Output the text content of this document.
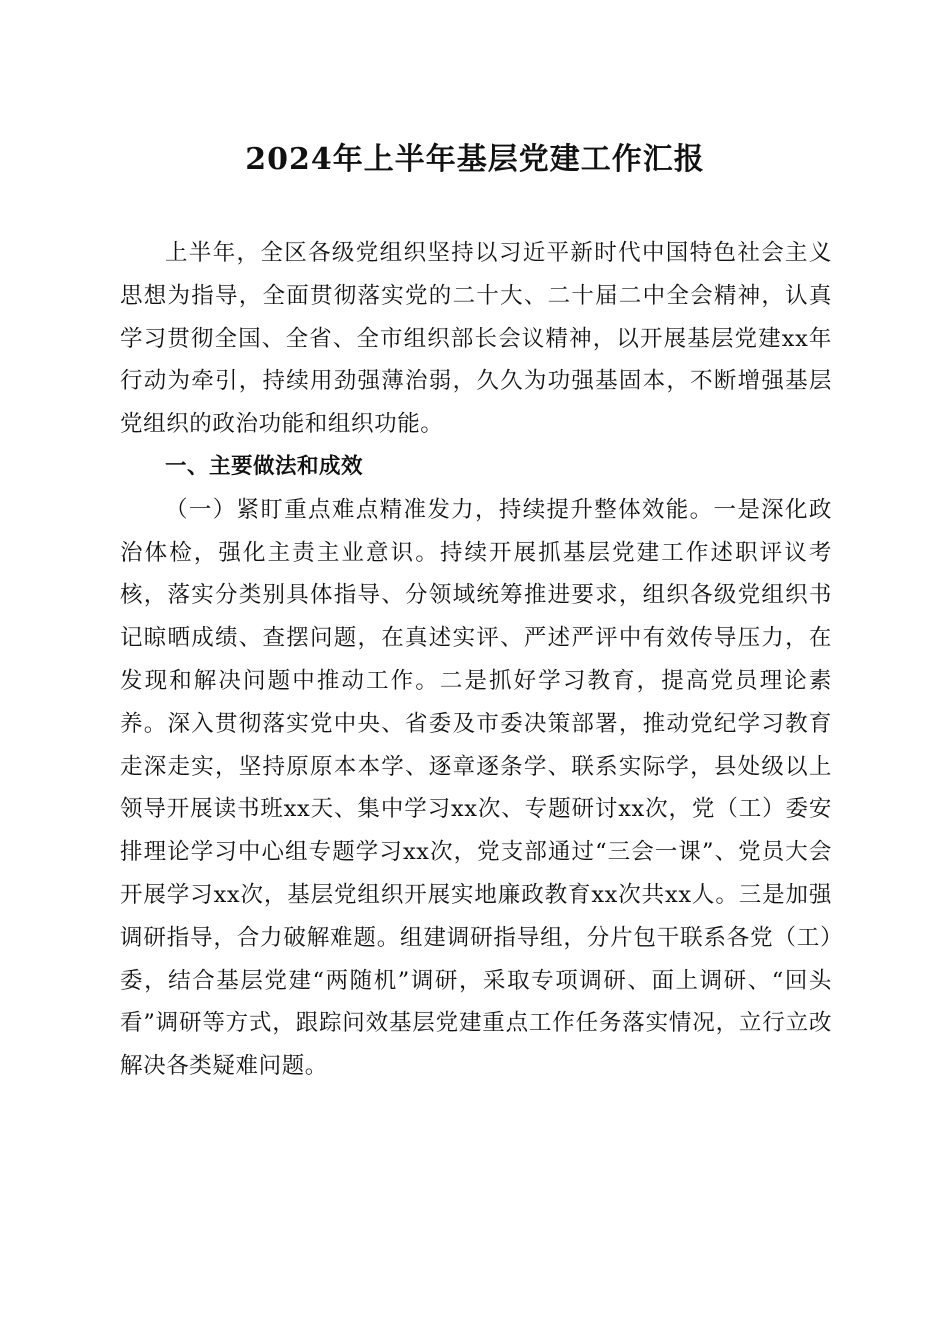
2024年上半年基层党建工作汇报

上半年，全区各级党组织坚持以习近平新时代中国特色社会主义思想为指导，全面贯彻落实党的二十大、二十届二中全会精神，认真学习贯彻全国、全省、全市组织部长会议精神，以开展基层党建xx年行动为牵引，持续用劲强薄治弱，久久为功强基固本，不断增强基层党组织的政治功能和组织功能。

一、主要做法和成效

（一）紧盯重点难点精准发力，持续提升整体效能。一是深化政治体检，强化主责主业意识。持续开展抓基层党建工作述职评议考核，落实分类别具体指导、分领域统筹推进要求，组织各级党组织书记晾晒成绩、查摆问题，在真述实评、严述严评中有效传导压力，在发现和解决问题中推动工作。二是抓好学习教育，提高党员理论素养。深入贯彻落实党中央、省委及市委决策部署，推动党纪学习教育走深走实，坚持原原本本学、逐章逐条学、联系实际学，县处级以上领导开展读书班xx天、集中学习xx次、专题研讨xx次，党（工）委安排理论学习中心组专题学习xx次，党支部通过“三会一课”、党员大会开展学习xx次，基层党组织开展实地廉政教育xx次共xx人。三是加强调研指导，合力破解难题。组建调研指导组，分片包干联系各党（工）委，结合基层党建“两随机”调研，采取专项调研、面上调研、“回头看”调研等方式，跟踪问效基层党建重点工作任务落实情况，立行立改解决各类疑难问题。
